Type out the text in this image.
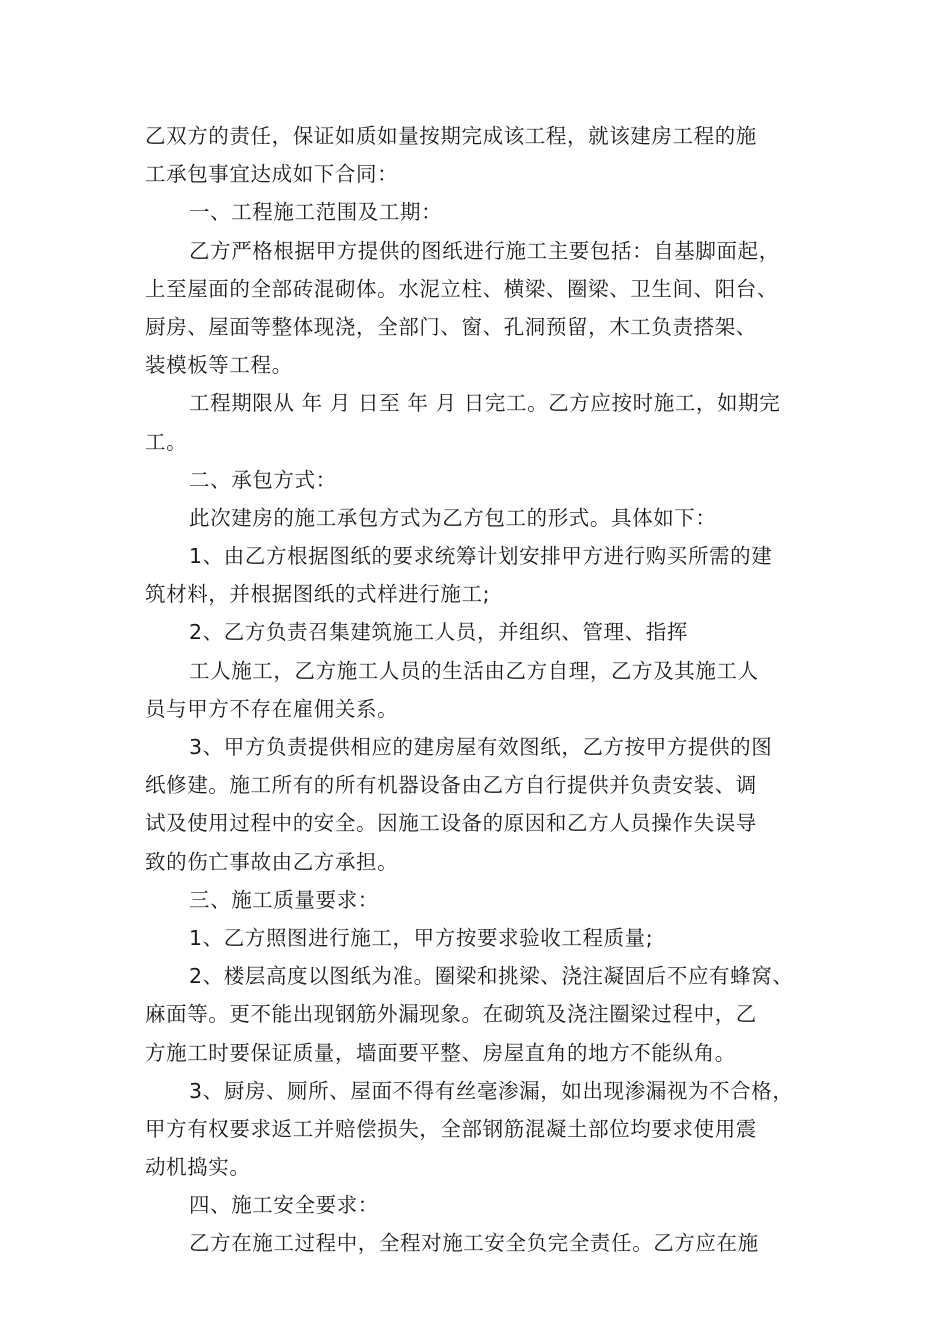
乙双方的责任，保证如质如量按期完成该工程，就该建房工程的施
工承包事宜达成如下合同：
一、工程施工范围及工期：
乙方严格根据甲方提供的图纸进行施工主要包括：自基脚面起，
上至屋面的全部砖混砌体。水泥立柱、横梁、圈梁、卫生间、阳台、
厨房、屋面等整体现浇，全部门、窗、孔洞预留，木工负责搭架、
装模板等工程。
工程期限从 年 月 日至 年 月 日完工。乙方应按时施工，如期完
工。
二、承包方式：
此次建房的施工承包方式为乙方包工的形式。具体如下：
1、由乙方根据图纸的要求统筹计划安排甲方进行购买所需的建
筑材料，并根据图纸的式样进行施工;
2、乙方负责召集建筑施工人员，并组织、管理、指挥
工人施工，乙方施工人员的生活由乙方自理，乙方及其施工人
员与甲方不存在雇佣关系。
3、甲方负责提供相应的建房屋有效图纸，乙方按甲方提供的图
纸修建。施工所有的所有机器设备由乙方自行提供并负责安装、调
试及使用过程中的安全。因施工设备的原因和乙方人员操作失误导
致的伤亡事故由乙方承担。
三、施工质量要求：
1、乙方照图进行施工，甲方按要求验收工程质量;
2、楼层高度以图纸为准。圈梁和挑梁、浇注凝固后不应有蜂窝、
麻面等。更不能出现钢筋外漏现象。在砌筑及浇注圈梁过程中，乙
方施工时要保证质量，墙面要平整、房屋直角的地方不能纵角。
3、厨房、厕所、屋面不得有丝毫渗漏，如出现渗漏视为不合格，
甲方有权要求返工并赔偿损失，全部钢筋混凝土部位均要求使用震
动机捣实。
四、施工安全要求：
乙方在施工过程中，全程对施工安全负完全责任。乙方应在施
